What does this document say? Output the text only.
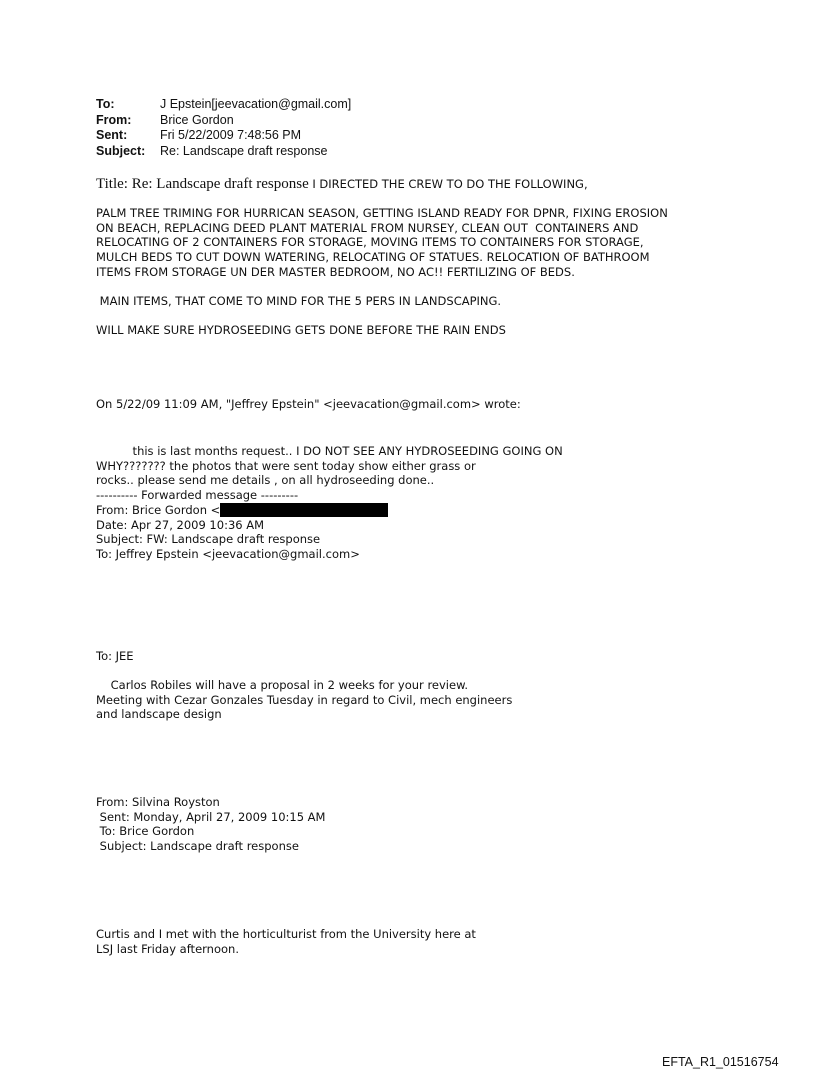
To:	J Epstein[jeevacation@gmail.com]
From:	Brice Gordon
Sent:	Fri 5/22/2009 7:48:56 PM
Subject:	Re: Landscape draft response
Title: Re: Landscape draft response I DIRECTED THE CREW TO DO THE FOLLOWING,
PALM TREE TRIMING FOR HURRICAN SEASON, GETTING ISLAND READY FOR DPNR, FIXING EROSION
ON BEACH, REPLACING DEED PLANT MATERIAL FROM NURSEY, CLEAN OUT  CONTAINERS AND
RELOCATING OF 2 CONTAINERS FOR STORAGE, MOVING ITEMS TO CONTAINERS FOR STORAGE,
MULCH BEDS TO CUT DOWN WATERING, RELOCATING OF STATUES. RELOCATION OF BATHROOM
ITEMS FROM STORAGE UN DER MASTER BEDROOM, NO AC!! FERTILIZING OF BEDS.
MAIN ITEMS, THAT COME TO MIND FOR THE 5 PERS IN LANDSCAPING.
WILL MAKE SURE HYDROSEEDING GETS DONE BEFORE THE RAIN ENDS
On 5/22/09 11:09 AM, "Jeffrey Epstein" <jeevacation@gmail.com> wrote:
this is last months request.. I DO NOT SEE ANY HYDROSEEDING GOING ON
WHY??????? the photos that were sent today show either grass or
rocks.. please send me details , on all hydroseeding done..
---------- Forwarded message ---------
From: Brice Gordon <
Date: Apr 27, 2009 10:36 AM
Subject: FW: Landscape draft response
To: Jeffrey Epstein <jeevacation@gmail.com>
To: JEE
Carlos Robiles will have a proposal in 2 weeks for your review.
Meeting with Cezar Gonzales Tuesday in regard to Civil, mech engineers
and landscape design
From: Silvina Royston
Sent: Monday, April 27, 2009 10:15 AM
To: Brice Gordon
Subject: Landscape draft response
Curtis and I met with the horticulturist from the University here at
LSJ last Friday afternoon.
EFTA_R1_01516754
